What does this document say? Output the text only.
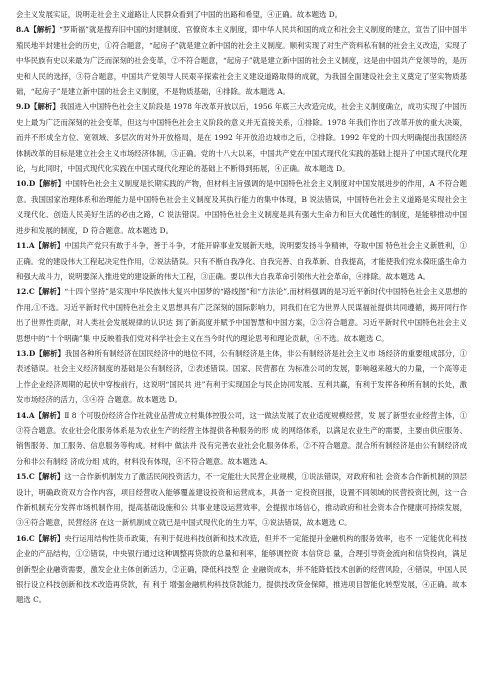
会主义发展实证，说明走社会主义道路让人民群众看到了中国的出路和希望，④正确。故本题选 D。

8.A【解析】“罗斯福”就是搜弃旧中国的封建制度、官僚资本主义制度，即中华人民共和国的成立和社会主义制度的建立，宣告了旧中国半殖民地半封建社会的历史，①符合题意，“起房子”就是建立新中国的社会主义制度。顺利实现了对生产资料私有制的社会主义改造，实现了中华民族有史以来最为广泛而深刻的社会变革，②不符合题意，“起房子”就是建立新中国的社会主义制度，这是由中国共产党领导的，是历史和人民的选择，③符合题意，中国共产党领导人民艰辛探索社会主义建设道路取得的成就，为我国全面建设社会主义奠定了坚实物质基础，“起房子”是建立新中国的社会主义制度，不是物质基础，④排除。故本题选 A。

9.D【解析】我国进入中国特色社会主义阶段是 1978 年改革开放以后，1956 年底三大改造完成，社会主义制度确立，成功实现了中国历史上最为广泛而深刻的社会变革，但这与中国特色社会主义阶段的意义并无直接关系，①排除。1978 年我们作出了改革开放的重大决策，而并不形成全方位、宽领域、多层次的对外开放格局，是在 1992 年开放沿边城市之后，②排除。1992 年党的十四大明确提出我国经济体制改革的目标是建立社会主义市场经济体制，③正确。党的十八大以来，中国共产党在中国式现代化实践的基础上提升了中国式现代化理论，与此同时，中国式现代化实践在中国式现代化理论的基础上不断得到拓展，④正确。故本题选 D。

10.D【解析】中国特色社会主义制度是长期实践的产物，但材料主旨强调的是中国特色社会主义制度对中国发展进步的作用，A 不符合题意。我国国家治理体系和治理能力是中国特色社会主义制度及其执行能力的集中体现，B 说法错误，中国特色社会主义道路是实现社会主义现代化、创造人民美好生活的必由之路，C 说法错误。中国特色社会主义制度是具有强大生命力和巨大优越性的制度，是能够推动中国进步和发展的制度，D 符合题意。故本题选 D。

11.A【解析】中国共产党只有敢于斗争，善于斗争，才能开辟事业发展新天地，说明要发扬斗争精神，夺取中国 特色社会主义新胜利，①正确。党的建设伟大工程起决定性作用，②说法错误。只有不断自我净化、自我完善、自我革新、自我提高，才能使我们党永葆旺盛生命力和强大战斗力，说明要深入推进党的建设新的伟大工程，③正确。要以伟大自我革命引领伟大社会革命，④排除。故本题选 A。

12.C【解析】“十四个坚持”是实现中华民族伟大复兴中国梦的“路线图”和“方法论”,而材料强调的是习近平新时代中国特色社会主义思想的作用,①不选。习近平新时代中国特色社会主义思想具有广泛深刻的国际影响力，同我们在它为世界人民谋福祉提供共同遵循，揭开同行作出了世界性贡献，对人类社会发展规律的认识达 到了新高度并赋予中国智慧和中国方案，②③符合题意。习近平新时代中国特色社会主义思想中的“十个明确”集 中反映着我们党对科学社会主义在当今时代的理论思考和理论贡献，④不选。故本题选 C。

13.D【解析】我国各种所有制经济在国民经济中的地位不同，公有制经济是主体，非公有制经济是社会主义市 场经济的重要组成部分，①表述错误。社会主义经济制度的基础是公有制经济，②表述错误。国家、民营都在 为标准公司的发展，影响越来越大的力量，一个高等走上作企业经济周期的起伏中穿梭前行，这说明“国民共 进”有利于实现国企与民企协同发展、互利共赢，有利于发挥各种所有制的长处，激发市场经济的活力，③④符 合题意。故本题选 D。

14.A【解析】Ⅱ 8 个可股份经济合作社就业品营成立村集体控股公司，这一做法发展了农业适度规模经营，发 展了新型农业经营主体，①③符合题意。农业社会化服务体系是为农业生产的经营主体提供各种服务的形 成 的网络体系，以满足农业生产的需要，主要由供应服务、销售服务、加工服务、信息服务等构成。材料中 做法并 没有完善农业社会化服务体系，②不符合题意。混合所有制经济是由公有制经济成分和非公有制经 济成分组 成的，材料没有体现，④不符合题意。故本题选 A。

15.C【解析】这一合作新机制发力了激活民间投资活力，不一定能壮大民营企业规模，①说法错误，对政府和社 会资本合作新机制的顶层设计，明确政资双方合作内容，项目经营收入能够覆盖建设投资和运营成本，具备一 定投资回报，设置不同领域的民营投资比例，这一合作新机制充分发挥市场机制作用，提高基础设施和公 共事业建设运营效率，会提振市场信心，推动政府和社会资本合作健康可持续发展，③④符合题意，民营经济 在这一新机制成立就已是中国式现代化的生力军，③说法错误，故本题选 C。

16.C【解析】央行运用结构性货币政策，有利于促进科技创新和技术改造，但并不一定能提升金融机构的服务效率，也不 一定能优化科技企业的产品结构，①②错误，中央银行通过这种调整再贷款的总量和利率，能够调控资 本信贷总 量，合理引导资金流向和信贷投向，满足创新型企业融资需要，激发企业主体创新活力，②正确，降低科技型 企 业融资成本，并不能降低技术创新的经营风险，④错误，中国人民银行设立科技创新和技术改造再贷款，有 利于 增强金融机构科技贷款能力，提供技改贷金保障，推进项目智能化转型发展，④正确。故本题选 C。
